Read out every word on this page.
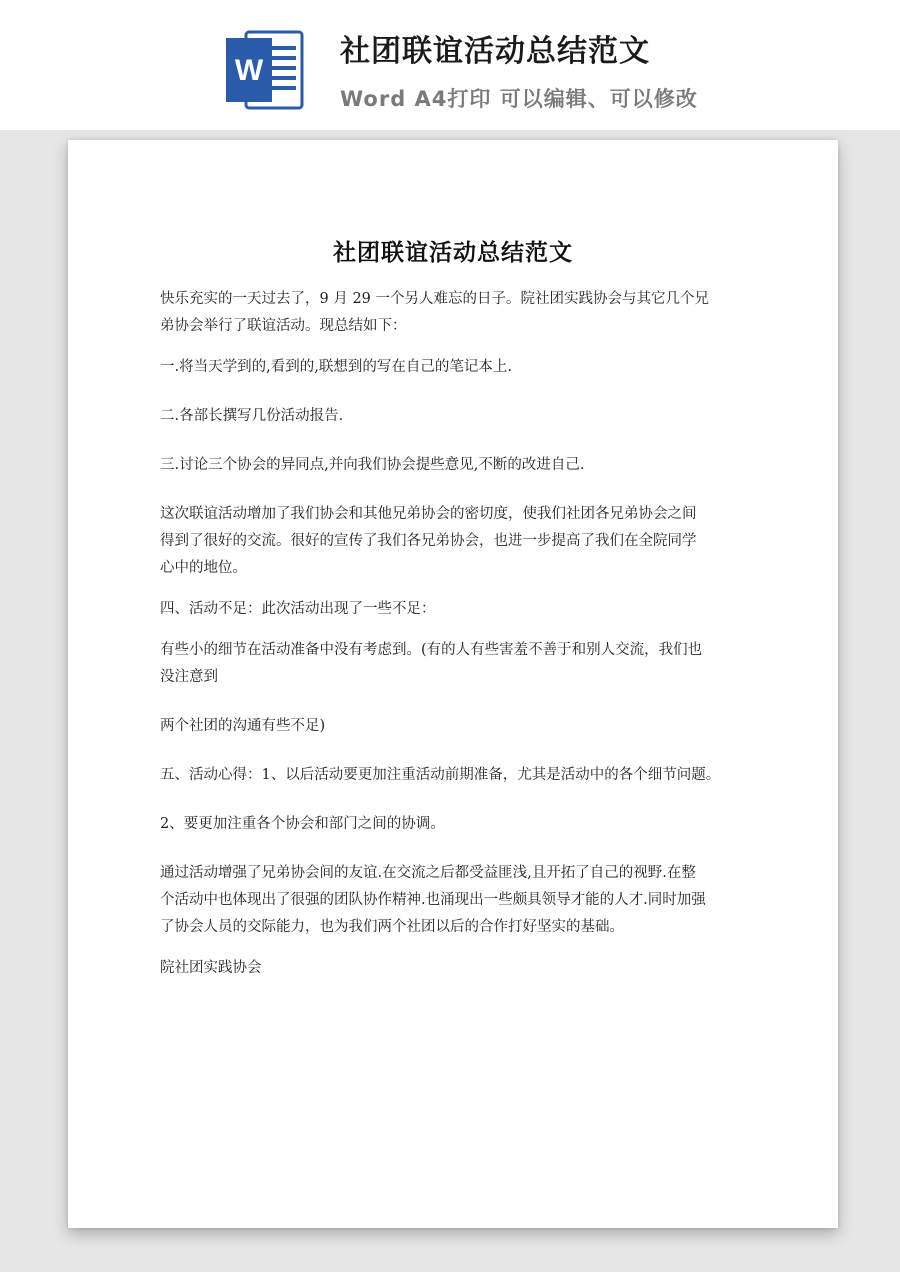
W
社团联谊活动总结范文
Word A4打印 可以编辑、可以修改
社团联谊活动总结范文

快乐充实的一天过去了，9 月 29 一个另人难忘的日子。院社团实践协会与其它几个兄

弟协会举行了联谊活动。现总结如下：

一.将当天学到的,看到的,联想到的写在自己的笔记本上.

二.各部长撰写几份活动报告.

三.讨论三个协会的异同点,并向我们协会提些意见,不断的改进自己.

这次联谊活动增加了我们协会和其他兄弟协会的密切度，使我们社团各兄弟协会之间

得到了很好的交流。很好的宣传了我们各兄弟协会，也进一步提高了我们在全院同学

心中的地位。

四、活动不足：此次活动出现了一些不足：

有些小的细节在活动准备中没有考虑到。(有的人有些害羞不善于和别人交流，我们也

没注意到

两个社团的沟通有些不足)

五、活动心得：1、以后活动要更加注重活动前期准备，尤其是活动中的各个细节问题。

2、要更加注重各个协会和部门之间的协调。

通过活动增强了兄弟协会间的友谊.在交流之后都受益匪浅,且开拓了自己的视野.在整

个活动中也体现出了很强的团队协作精神.也涌现出一些颇具领导才能的人才.同时加强

了协会人员的交际能力，也为我们两个社团以后的合作打好坚实的基础。

院社团实践协会
